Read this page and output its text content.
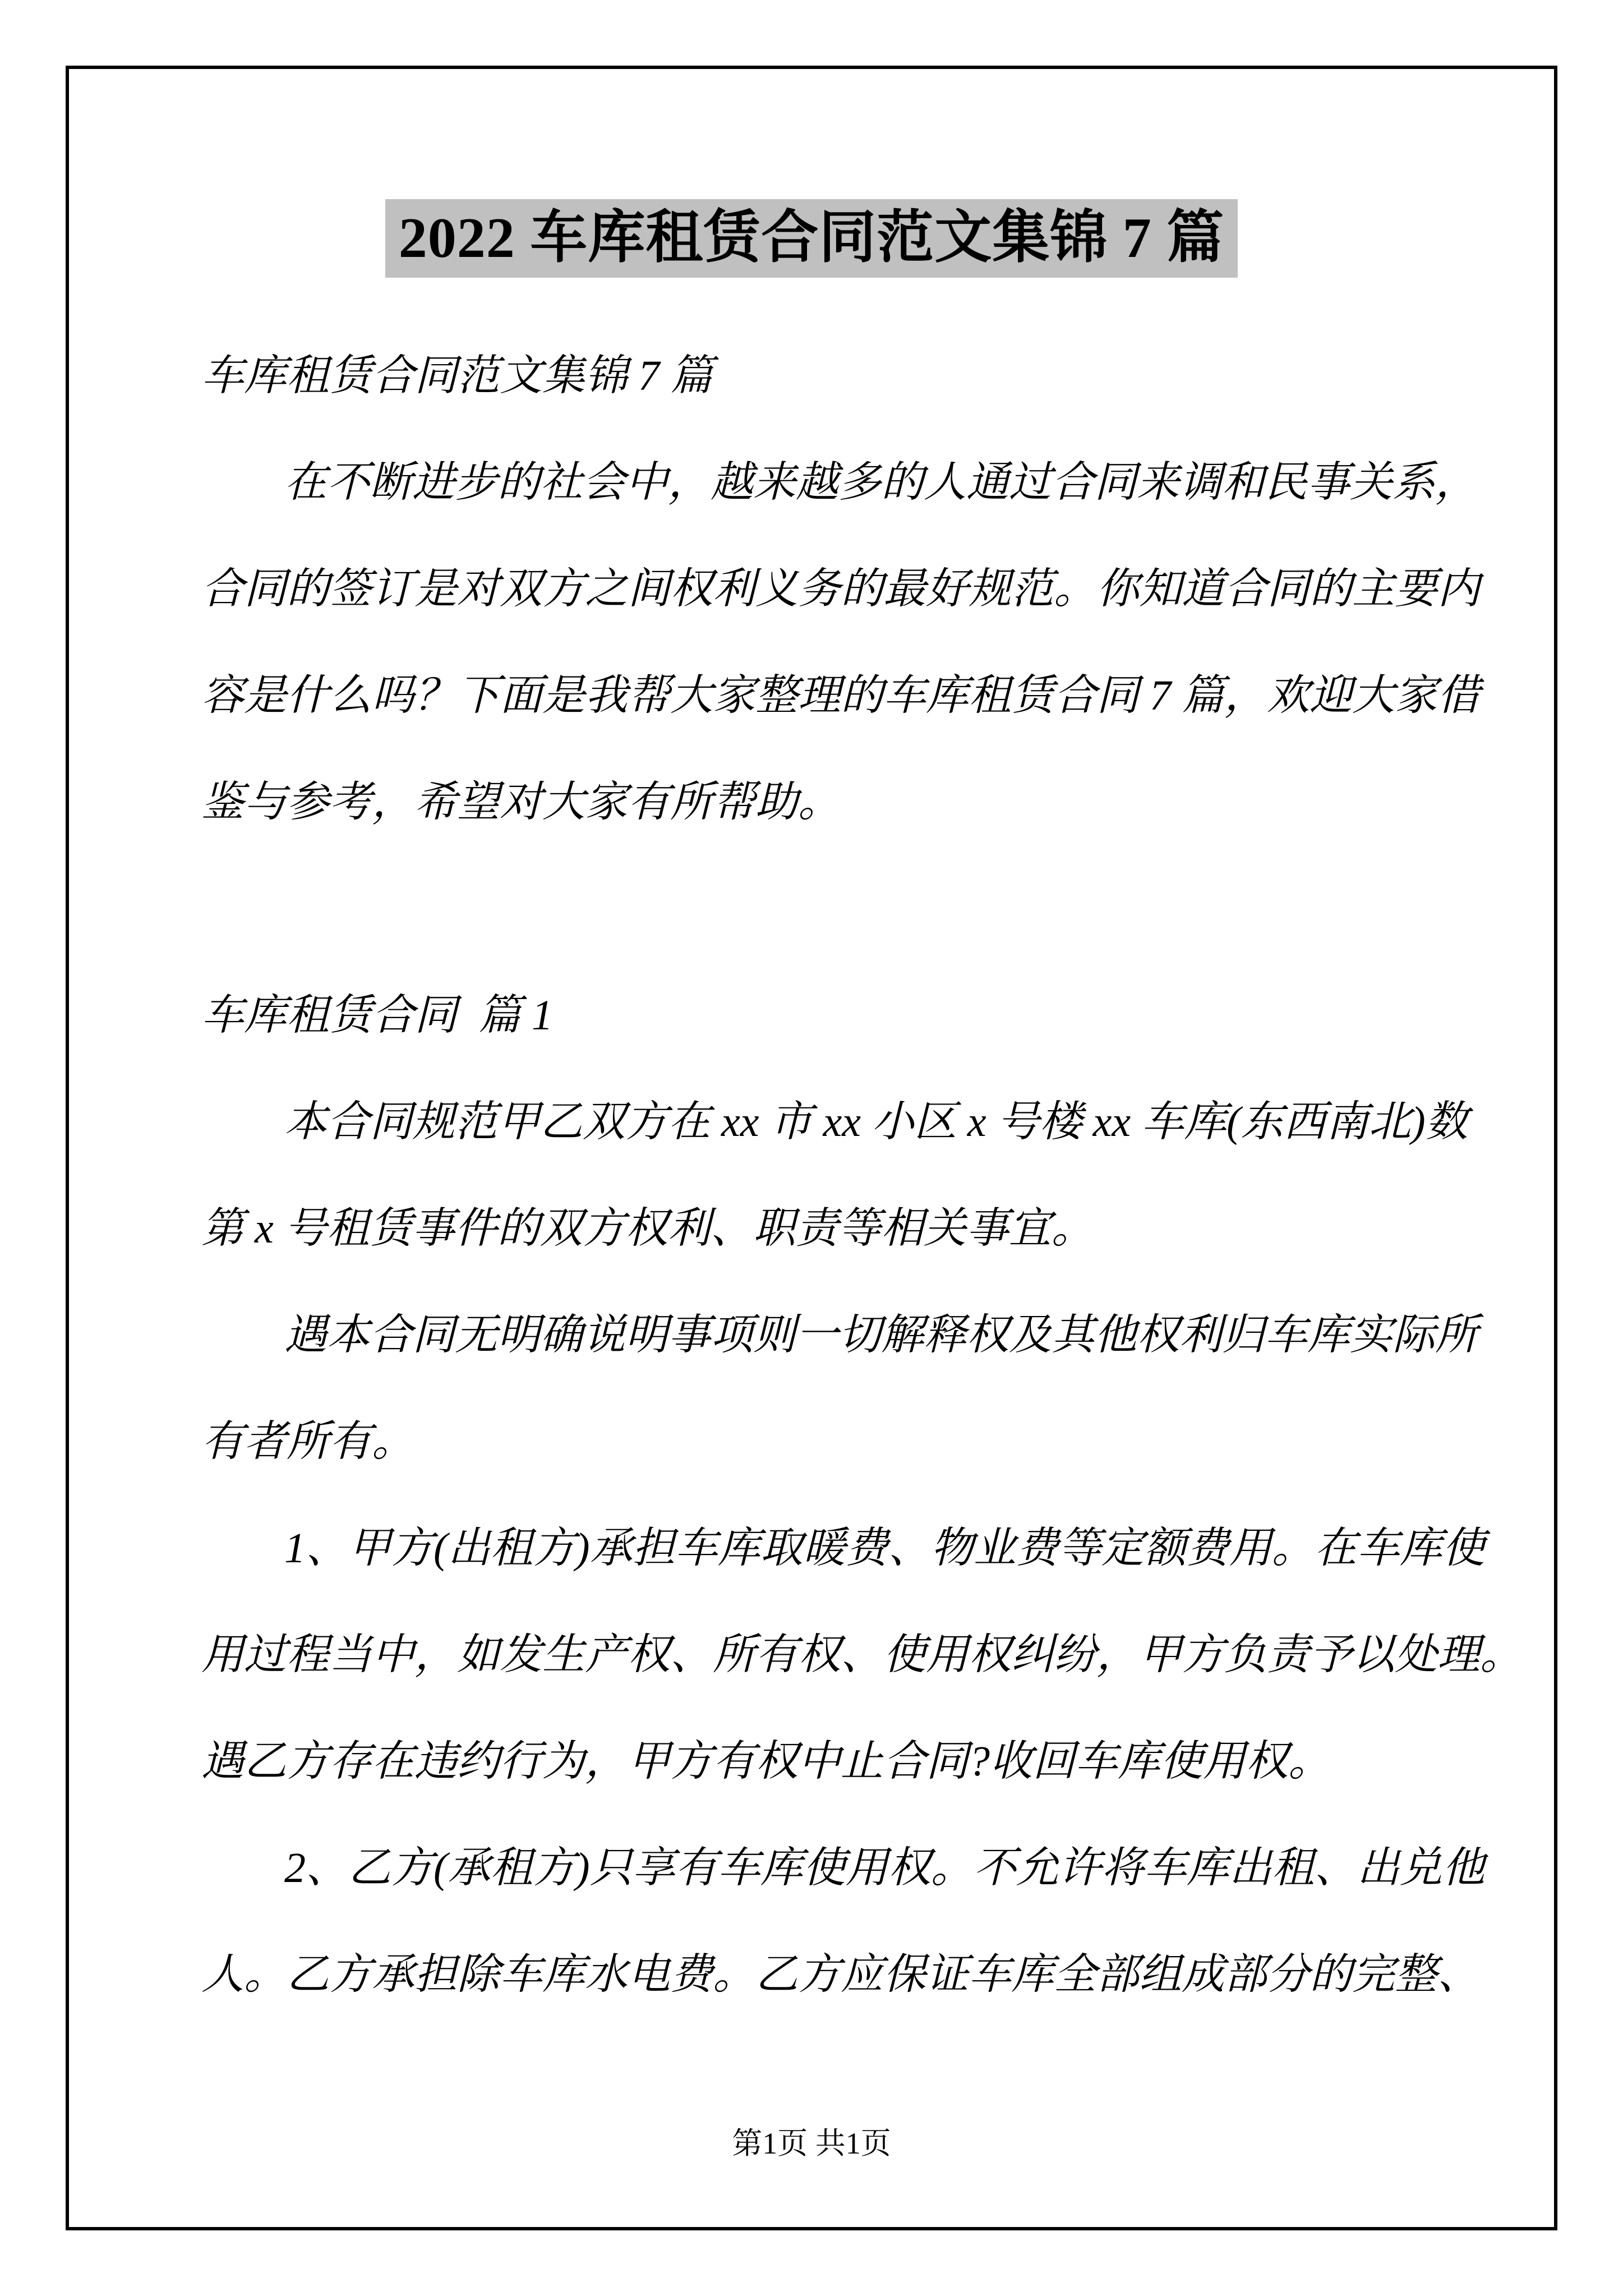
2022 车库租赁合同范文集锦 7 篇
车库租赁合同范文集锦 7 篇
在不断进步的社会中，越来越多的人通过合同来调和民事关系，
合同的签订是对双方之间权利义务的最好规范。你知道合同的主要内
容是什么吗？下面是我帮大家整理的车库租赁合同 7 篇，欢迎大家借
鉴与参考，希望对大家有所帮助。
车库租赁合同  篇 1
本合同规范甲乙双方在 xx 市 xx 小区 x 号楼 xx 车库(东西南北)数
第 x 号租赁事件的双方权利、职责等相关事宜。
遇本合同无明确说明事项则一切解释权及其他权利归车库实际所
有者所有。
1、甲方(出租方)承担车库取暖费、物业费等定额费用。在车库使
用过程当中，如发生产权、所有权、使用权纠纷，甲方负责予以处理。
遇乙方存在违约行为，甲方有权中止合同?收回车库使用权。
2、乙方(承租方)只享有车库使用权。不允许将车库出租、出兑他
人。乙方承担除车库水电费。乙方应保证车库全部组成部分的完整、
第1页 共1页
